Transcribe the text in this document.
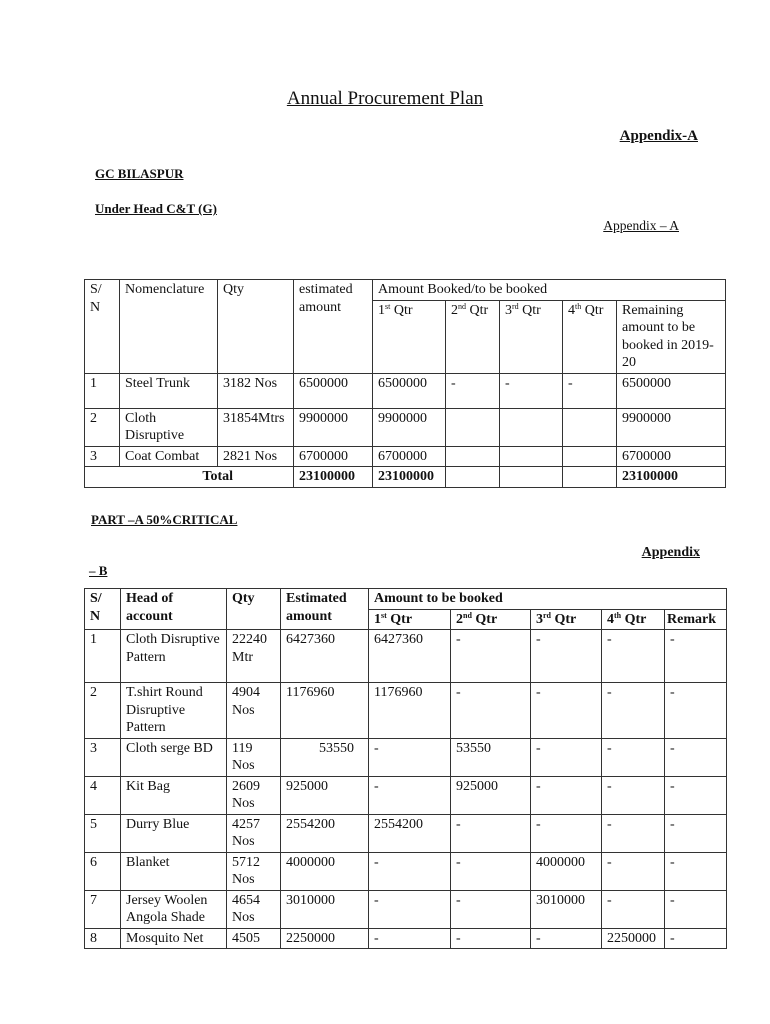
Annual Procurement Plan
Appendix-A
GC BILASPUR
Under Head C&T (G)
Appendix – A
S/ N	Nomenclature	Qty	estimated amount	Amount Booked/to be booked				
				1st Qtr	2nd Qtr	3rd Qtr	4th Qtr	Remaining amount to be booked in 2019-20
1	Steel Trunk	3182 Nos	6500000	6500000	-	-	-	6500000
2	Cloth Disruptive	31854Mtrs	9900000	9900000				9900000
3	Coat Combat	2821 Nos	6700000	6700000				6700000
Total			23100000	23100000				23100000
PART –A 50%CRITICAL
Appendix
– B
S/ N	Head of account	Qty	Estimated amount	Amount to be booked				
				1st Qtr	2nd Qtr	3rd Qtr	4th Qtr	Remark
1	Cloth Disruptive Pattern	22240 Mtr	6427360	6427360	-	-	-	-
2	T.shirt Round Disruptive Pattern	4904 Nos	1176960	1176960	-	-	-	-
3	Cloth serge BD	119 Nos	53550	-	53550	-	-	-
4	Kit Bag	2609 Nos	925000	-	925000	-	-	-
5	Durry Blue	4257 Nos	2554200	2554200	-	-	-	-
6	Blanket	5712 Nos	4000000	-	-	4000000	-	-
7	Jersey Woolen Angola Shade	4654 Nos	3010000	-	-	3010000	-	-
8	Mosquito Net	4505	2250000	-	-	-	2250000	-
